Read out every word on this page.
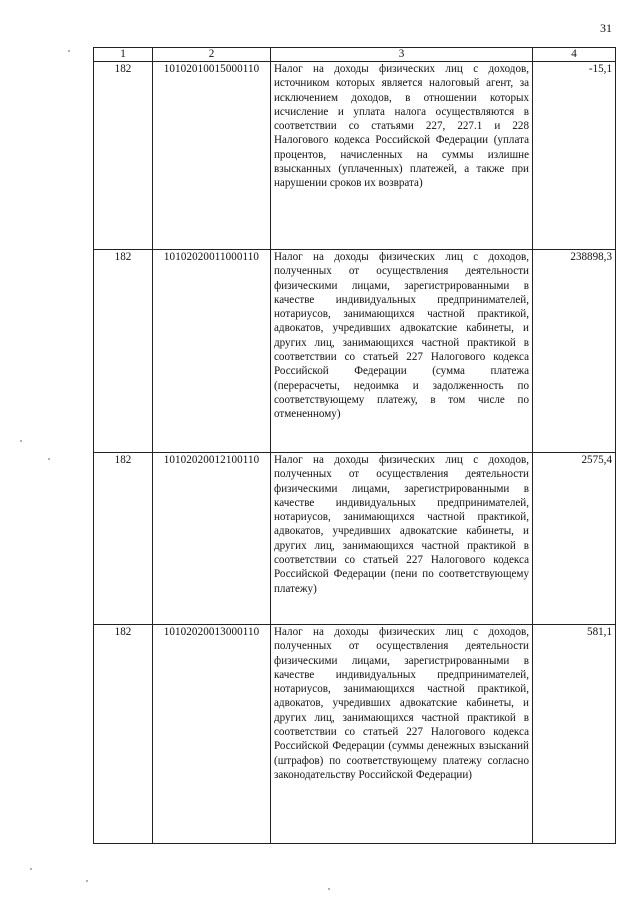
31
1	2	3	4
182	10102010015000110	Налог на доходы физических лиц с доходов, источником которых является налоговый агент, за исключением доходов, в отношении которых исчисление и уплата налога осуществляются в соответствии со статьями 227, 227.1 и 228 Налогового кодекса Российской Федерации (уплата процентов, начисленных на суммы излишне взысканных (уплаченных) платежей, а также при нарушении сроков их возврата)	-15,1
182	10102020011000110	Налог на доходы физических лиц с доходов, полученных от осуществления деятельности физическими лицами, зарегистрированными в качестве индивидуальных предпринимателей, нотариусов, занимающихся частной практикой, адвокатов, учредивших адвокатские кабинеты, и других лиц, занимающихся частной практикой в соответствии со статьей 227 Налогового кодекса Российской Федерации (сумма платежа (перерасчеты, недоимка и задолженность по соответствующему платежу, в том числе по отмененному)	238898,3
182	10102020012100110	Налог на доходы физических лиц с доходов, полученных от осуществления деятельности физическими лицами, зарегистрированными в качестве индивидуальных предпринимателей, нотариусов, занимающихся частной практикой, адвокатов, учредивших адвокатские кабинеты, и других лиц, занимающихся частной практикой в соответствии со статьей 227 Налогового кодекса Российской Федерации (пени по соответствующему платежу)	2575,4
182	10102020013000110	Налог на доходы физических лиц с доходов, полученных от осуществления деятельности физическими лицами, зарегистрированными в качестве индивидуальных предпринимателей, нотариусов, занимающихся частной практикой, адвокатов, учредивших адвокатские кабинеты, и других лиц, занимающихся частной практикой в соответствии со статьей 227 Налогового кодекса Российской Федерации (суммы денежных взысканий (штрафов) по соответствующему платежу согласно законодательству Российской Федерации)	581,1
